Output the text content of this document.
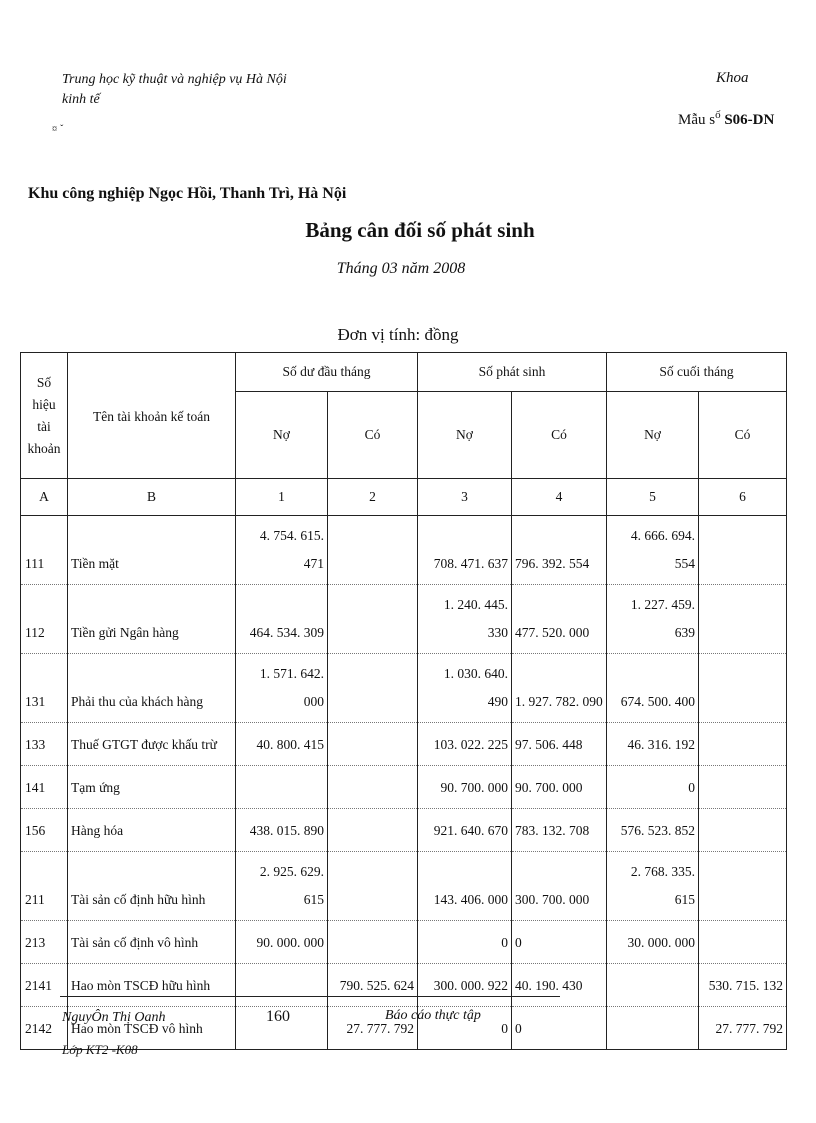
Trung học kỹ thuật và nghiệp vụ Hà Nội
kinh tế
¤ ˇ
Khoa
Mẫu $s^ố$ S06-DN
Khu công nghiệp Ngọc Hồi, Thanh Trì, Hà Nội
Bảng cân đối số phát sinh
Tháng 03 năm 2008
Đơn vị tính: đồng
Số hiệu tài khoản	Tên tài khoản kế toán	Số dư đầu tháng		Số phát sinh		Số cuối tháng	
		Nợ	Có	Nợ	Có	Nợ	Có
A	B	1	2	3	4	5	6
111	Tiền mặt	4. 754. 615. 471		708. 471. 637	796. 392. 554	4. 666. 694. 554	
112	Tiền gửi Ngân hàng	464. 534. 309		1. 240. 445. 330	477. 520. 000	1. 227. 459. 639	
131	Phải thu của khách hàng	1. 571. 642. 000		1. 030. 640. 490	1. 927. 782. 090	674. 500. 400	
133	Thuế GTGT được khấu trừ	40. 800. 415		103. 022. 225	97. 506. 448	46. 316. 192	
141	Tạm ứng			90. 700. 000	90. 700. 000	0	
156	Hàng hóa	438. 015. 890		921. 640. 670	783. 132. 708	576. 523. 852	
211	Tài sản cố định hữu hình	2. 925. 629. 615		143. 406. 000	300. 700. 000	2. 768. 335. 615	
213	Tài sản cố định vô hình	90. 000. 000		0	0	30. 000. 000	
2141	Hao mòn TSCĐ hữu hình		790. 525. 624	300. 000. 922	40. 190. 430		530. 715. 132
2142	Hao mòn TSCĐ vô hình		27. 777. 792	0	0		27. 777. 792
NguyÔn Thị Oanh	160	Báo cáo thực tập
Lớp KT2 -K08
